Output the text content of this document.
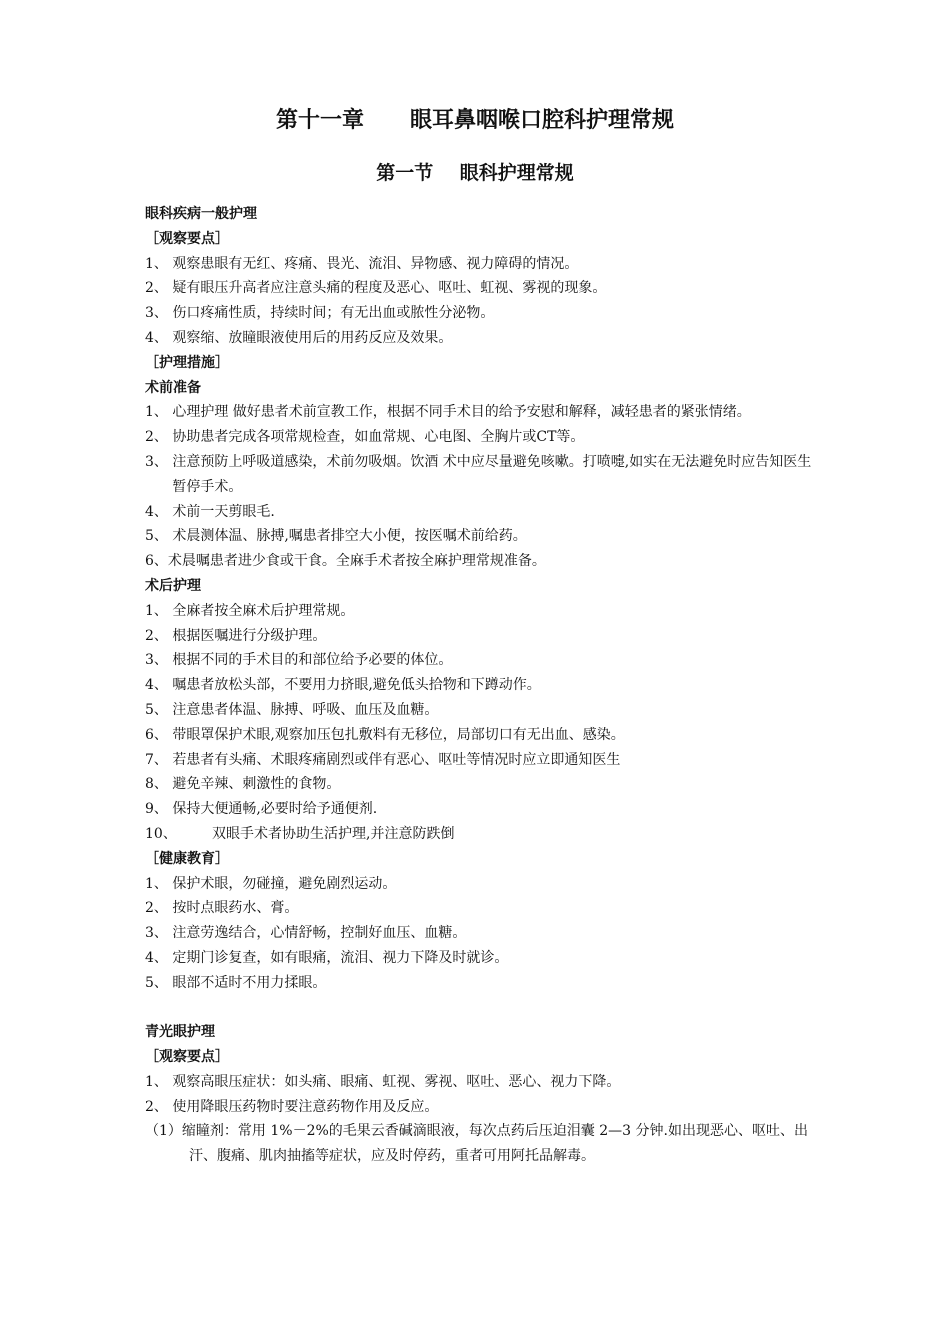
第十一章      眼耳鼻咽喉口腔科护理常规
第一节    眼科护理常规
眼科疾病一般护理
［观察要点］
1、 观察患眼有无红、疼痛、畏光、流泪、异物感、视力障碍的情况。
2、 疑有眼压升高者应注意头痛的程度及恶心、呕吐、虹视、雾视的现象。
3、 伤口疼痛性质，持续时间；有无出血或脓性分泌物。
4、 观察缩、放瞳眼液使用后的用药反应及效果。
［护理措施］
术前准备
1、 心理护理 做好患者术前宣教工作，根据不同手术目的给予安慰和解释，减轻患者的紧张情绪。
2、 协助患者完成各项常规检查，如血常规、心电图、全胸片或CT等。
3、 注意预防上呼吸道感染，术前勿吸烟。饮酒 术中应尽量避免咳嗽。打喷嚏,如实在无法避免时应告知医生暂停手术。
4、 术前一天剪眼毛.
5、 术晨测体温、脉搏,嘱患者排空大小便，按医嘱术前给药。
6、 术晨嘱患者进少食或干食。全麻手术者按全麻护理常规准备。
术后护理
1、 全麻者按全麻术后护理常规。
2、 根据医嘱进行分级护理。
3、 根据不同的手术目的和部位给予必要的体位。
4、 嘱患者放松头部，不要用力挤眼,避免低头拾物和下蹲动作。
5、 注意患者体温、脉搏、呼吸、血压及血糖。
6、 带眼罩保护术眼,观察加压包扎敷料有无移位，局部切口有无出血、感染。
7、 若患者有头痛、术眼疼痛剧烈或伴有恶心、呕吐等情况时应立即通知医生
8、 避免辛辣、刺激性的食物。
9、 保持大便通畅,必要时给予通便剂.
10、	双眼手术者协助生活护理,并注意防跌倒
［健康教育］
1、 保护术眼，勿碰撞，避免剧烈运动。
2、 按时点眼药水、膏。
3、 注意劳逸结合，心情舒畅，控制好血压、血糖。
4、 定期门诊复查，如有眼痛，流泪、视力下降及时就诊。
5、 眼部不适时不用力揉眼。
青光眼护理
［观察要点］
1、 观察高眼压症状：如头痛、眼痛、虹视、雾视、呕吐、恶心、视力下降。
2、 使用降眼压药物时要注意药物作用及反应。
（1）缩瞳剂：常用 1%－2%的毛果云香碱滴眼液，每次点药后压迫泪囊 2—3 分钟.如出现恶心、呕吐、出汗、腹痛、肌肉抽搐等症状，应及时停药，重者可用阿托品解毒。
